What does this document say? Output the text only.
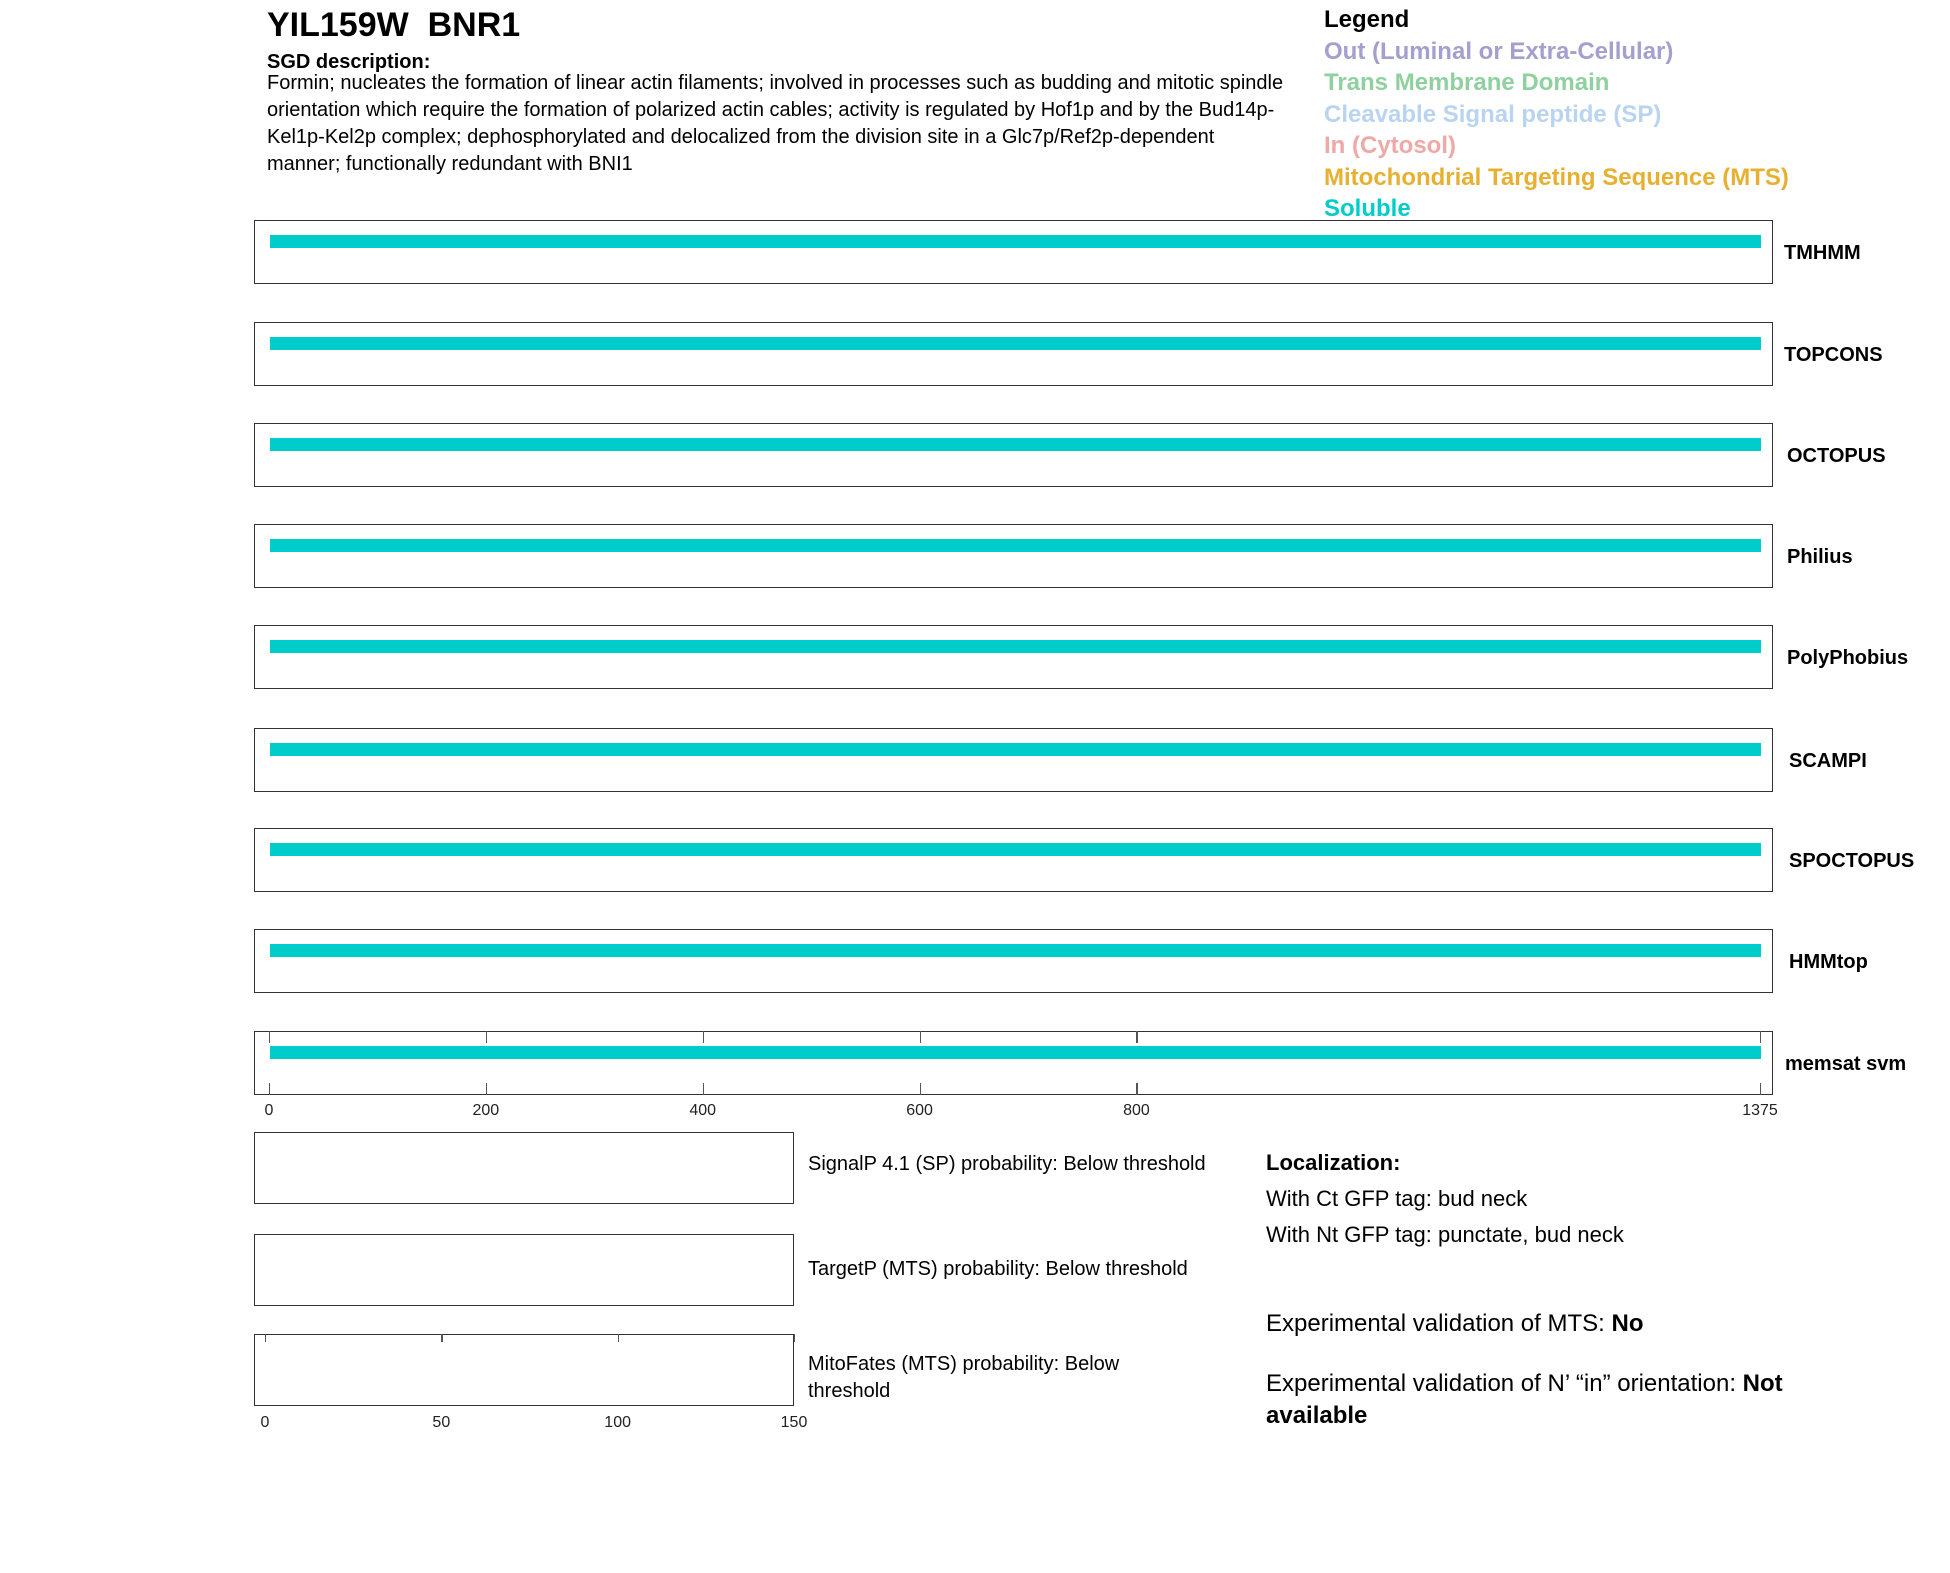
YIL159W BNR1
SGD description:
Formin; nucleates the formation of linear actin filaments; involved in processes such as budding and mitotic spindle orientation which require the formation of polarized actin cables; activity is regulated by Hof1p and by the Bud14p-Kel1p-Kel2p complex; dephosphorylated and delocalized from the division site in a Glc7p/Ref2p-dependent manner; functionally redundant with BNI1
Legend
Out (Luminal or Extra-Cellular)
Trans Membrane Domain
Cleavable Signal peptide (SP)
In (Cytosol)
Mitochondrial Targeting Sequence (MTS)
Soluble
TMHMM
TOPCONS
OCTOPUS
Philius
PolyPhobius
SCAMPI
SPOCTOPUS
HMMtop
memsat svm
0	200	400	600	800	1375
SignalP 4.1 (SP) probability: Below threshold
TargetP (MTS) probability: Below threshold
MitoFates (MTS) probability: Below threshold
0	50	100	150
Localization:
With Ct GFP tag: bud neck
With Nt GFP tag: punctate, bud neck
Experimental validation of MTS: No
Experimental validation of N’ “in” orientation: Not available
